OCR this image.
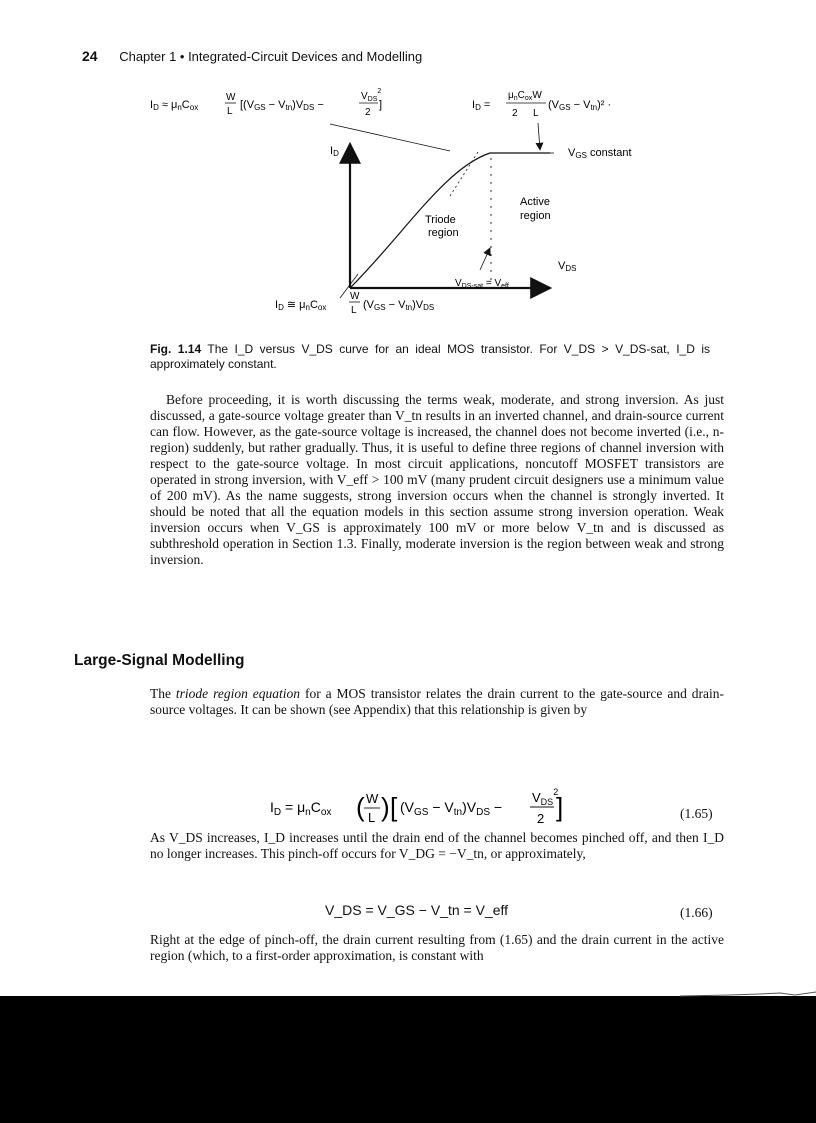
24 Chapter 1 • Integrated-Circuit Devices and Modelling
ID ≈ μnCox
W
L
[(VGS − Vtn)VDS −
$V_{DS}^2$
2
]	ID =
$\mu_nC_{ox}W$
2 L
(VGS − Vtn)² ·
ID
VDS
VGS constant
Active region
Triode region
$V_{DS-sat} = V_{eff}$
ID ≅ μnCox
W
L (VGS − Vtn)VDS
Fig. 1.14 The I_D versus V_DS curve for an ideal MOS transistor. For V_DS > V_DS-sat, I_D is approximately constant.
Before proceeding, it is worth discussing the terms weak, moderate, and strong inversion. As just discussed, a gate-source voltage greater than V_tn results in an inverted channel, and drain-source current can flow. However, as the gate-source voltage is increased, the channel does not become inverted (i.e., n-region) suddenly, but rather gradually. Thus, it is useful to define three regions of channel inversion with respect to the gate-source voltage. In most circuit applications, noncutoff MOSFET transistors are operated in strong inversion, with V_eff > 100 mV (many prudent circuit designers use a minimum value of 200 mV). As the name suggests, strong inversion occurs when the channel is strongly inverted. It should be noted that all the equation models in this section assume strong inversion operation. Weak inversion occurs when V_GS is approximately 100 mV or more below V_tn and is discussed as subthreshold operation in Section 1.3. Finally, moderate inversion is the region between weak and strong inversion.
Large-Signal Modelling
The triode region equation for a MOS transistor relates the drain current to the gate-source and drain-source voltages. It can be shown (see Appendix) that this relationship is given by
$I_D = \mu_nC_{ox}$ ( W
L ) [ $(V_{GS} - V_{tn})V_{DS}$ −
$V_{DS}^2$
2 ]	(1.65)
As V_DS increases, I_D increases until the drain end of the channel becomes pinched off, and then I_D no longer increases. This pinch-off occurs for V_DG = −V_tn, or approximately,
V_DS = V_GS − V_tn = V_eff	(1.66)
Right at the edge of pinch-off, the drain current resulting from (1.65) and the drain current in the active region (which, to a first-order approximation, is constant with
